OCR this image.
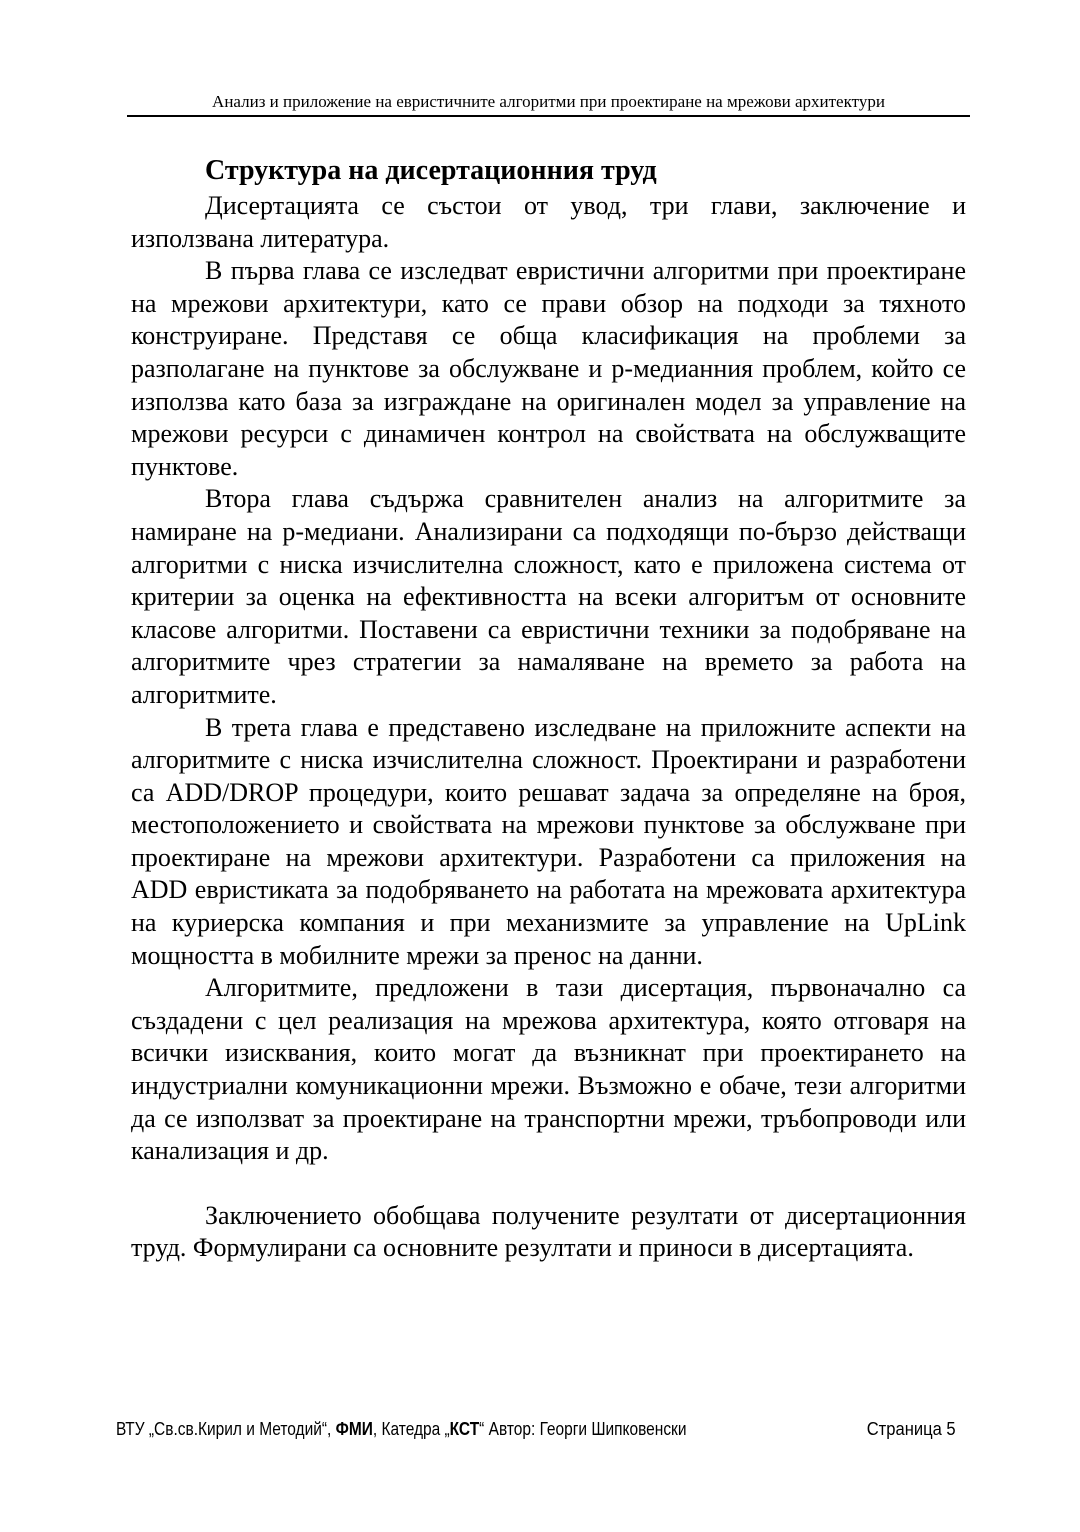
Анализ и приложение на евристичните алгоритми при проектиране на мрежови архитектури
Структура на дисертационния труд

Дисертацията се състои от увод, три глави, заключение и използвана литература.

В първа глава се изследват евристични алгоритми при проектиране на мрежови архитектури, като се прави обзор на подходи за тяхното конструиране. Представя се обща класификация на проблеми за разполагане на пунктове за обслужване и p-медианния проблем, който се използва като база за изграждане на оригинален модел за управление на мрежови ресурси с динамичен контрол на свойствата на обслужващите пунктове.

Втора глава съдържа сравнителен анализ на алгоритмите за намиране на p-медиани. Анализирани са подходящи по-бързо действащи алгоритми с ниска изчислителна сложност, като е приложена система от критерии за оценка на ефективността на всеки алгоритъм от основните класове алгоритми. Поставени са евристични техники за подобряване на алгоритмите чрез стратегии за намаляване на времето за работа на алгоритмите.

В трета глава е представено изследване на приложните аспекти на алгоритмите с ниска изчислителна сложност. Проектирани и разработени са ADD/DROP процедури, които решават задача за определяне на броя, местоположението и свойствата на мрежови пунктове за обслужване при проектиране на мрежови архитектури. Разработени са приложения на ADD евристиката за подобряването на работата на мрежовата архитектура на куриерска компания и при механизмите за управление на UpLink мощността в мобилните мрежи за пренос на данни.

Алгоритмите, предложени в тази дисертация, първоначално са създадени с цел реализация на мрежова архитектура, която отговаря на всички изисквания, които могат да възникнат при проектирането на индустриални комуникационни мрежи. Възможно е обаче, тези алгоритми да се използват за проектиране на транспортни мрежи, тръбопроводи или канализация и др.

Заключението обобщава получените резултати от дисертационния труд. Формулирани са основните резултати и приноси в дисертацията.

ВТУ „Св.св.Кирил и Методий“, ФМИ, Катедра „КСТ“ Автор: Георги Шипковенски	Страница 5
